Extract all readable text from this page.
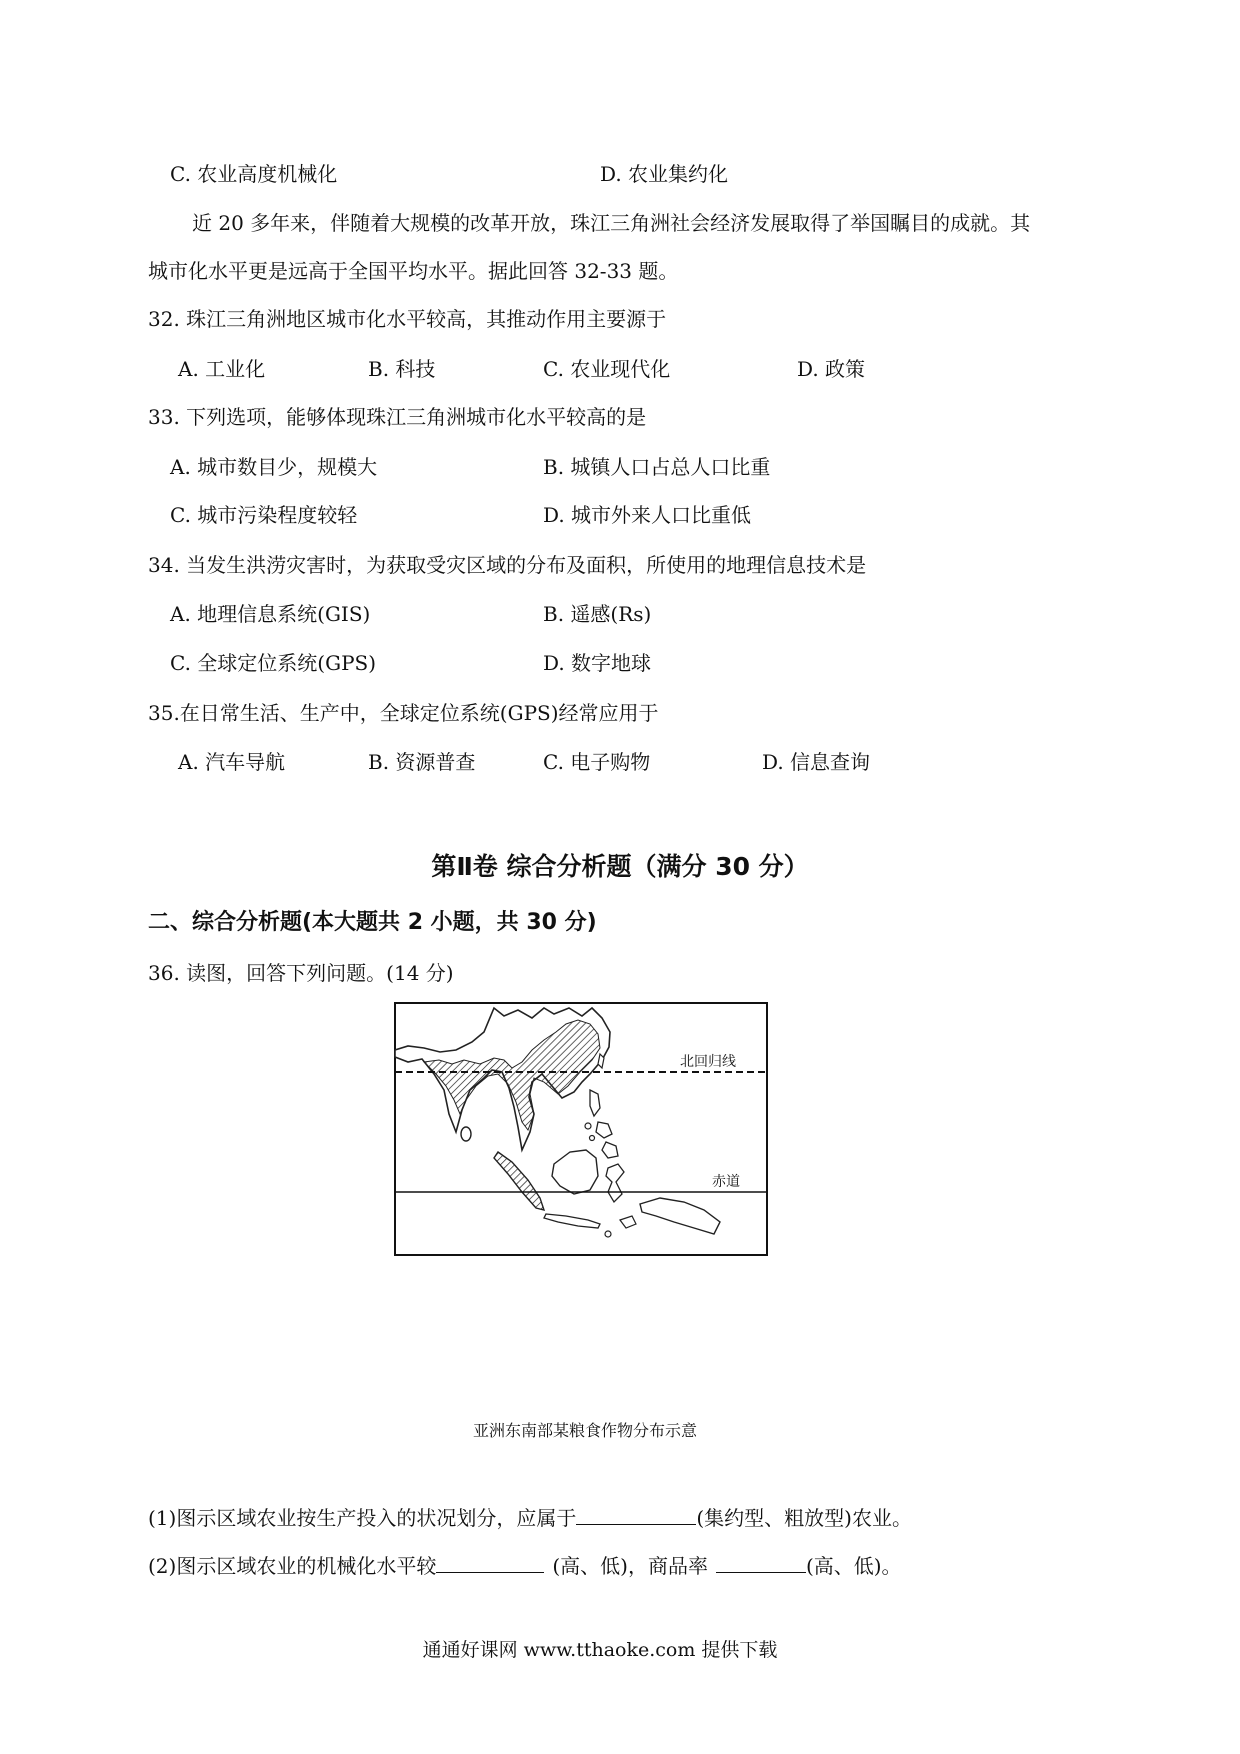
C. 农业高度机械化	D. 农业集约化
近 20 多年来，伴随着大规模的改革开放，珠江三角洲社会经济发展取得了举国瞩目的成就。其
城市化水平更是远高于全国平均水平。据此回答 32-33 题。
32. 珠江三角洲地区城市化水平较高，其推动作用主要源于
A. 工业化	B. 科技	C. 农业现代化	D. 政策
33. 下列选项，能够体现珠江三角洲城市化水平较高的是
A. 城市数目少，规模大	B. 城镇人口占总人口比重
C. 城市污染程度较轻	D. 城市外来人口比重低
34. 当发生洪涝灾害时，为获取受灾区域的分布及面积，所使用的地理信息技术是
A. 地理信息系统(GIS)	B. 遥感(Rs)
C. 全球定位系统(GPS)	D. 数字地球
35.在日常生活、生产中，全球定位系统(GPS)经常应用于
A. 汽车导航	B. 资源普查	C. 电子购物	D. 信息查询
第Ⅱ卷 综合分析题（满分 30 分）
二、综合分析题(本大题共 2 小题，共 30 分)
36. 读图，回答下列问题。(14 分)
北回归线
赤道
亚洲东南部某粮食作物分布示意
(1)图示区域农业按生产投入的状况划分，应属于	(集约型、粗放型)农业。
(2)图示区域农业的机械化水平较	(高、低)，商品率	(高、低)。
通通好课网 www.tthaoke.com 提供下载
